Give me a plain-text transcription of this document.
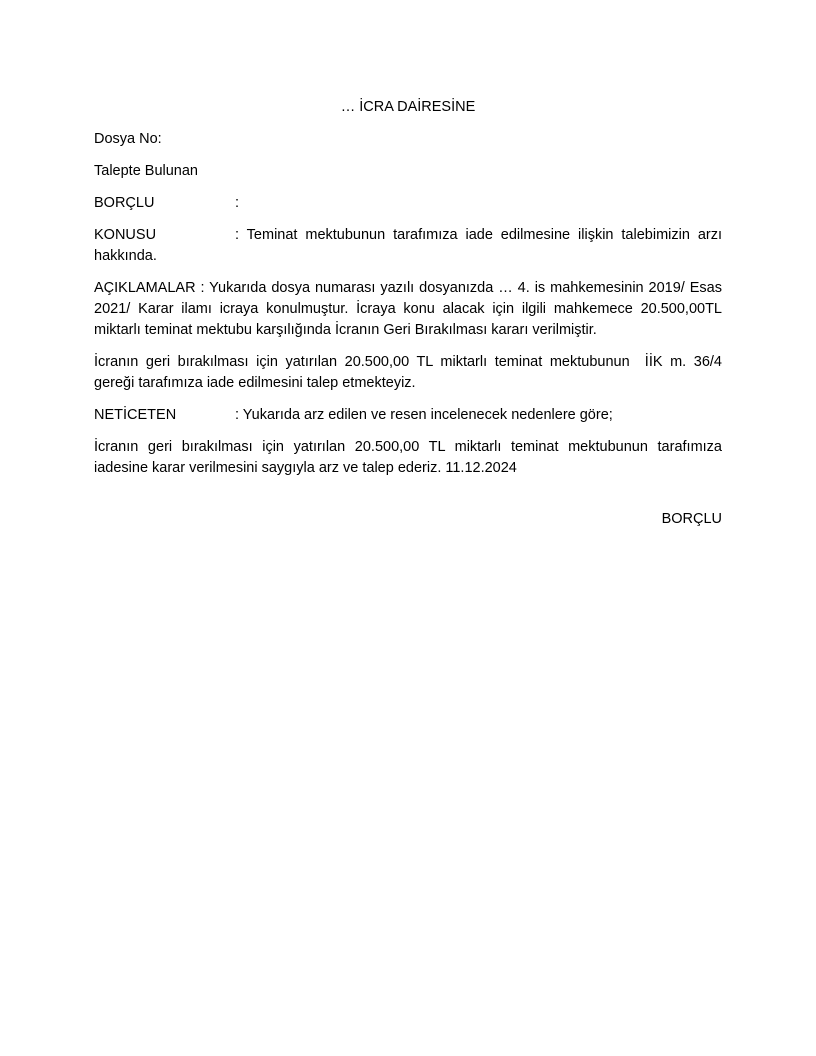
… İCRA DAİRESİNE
Dosya No:
Talepte Bulunan
BORÇLU	:
KONUSU	: Teminat mektubunun tarafımıza iade edilmesine ilişkin talebimizin arzı
hakkında.
AÇIKLAMALAR : Yukarıda dosya numarası yazılı dosyanızda … 4. is mahkemesinin 2019/ Esas
2021/ Karar ilamı icraya konulmuştur. İcraya konu alacak için ilgili mahkemece 20.500,00TL
miktarlı teminat mektubu karşılığında İcranın Geri Bırakılması kararı verilmiştir.
İcranın geri bırakılması için yatırılan 20.500,00 TL miktarlı teminat mektubunun  İİK m. 36/4
gereği tarafımıza iade edilmesini talep etmekteyiz.
NETİCETEN	: Yukarıda arz edilen ve resen incelenecek nedenlere göre;
İcranın geri bırakılması için yatırılan 20.500,00 TL miktarlı teminat mektubunun tarafımıza
iadesine karar verilmesini saygıyla arz ve talep ederiz. 11.12.2024
BORÇLU
